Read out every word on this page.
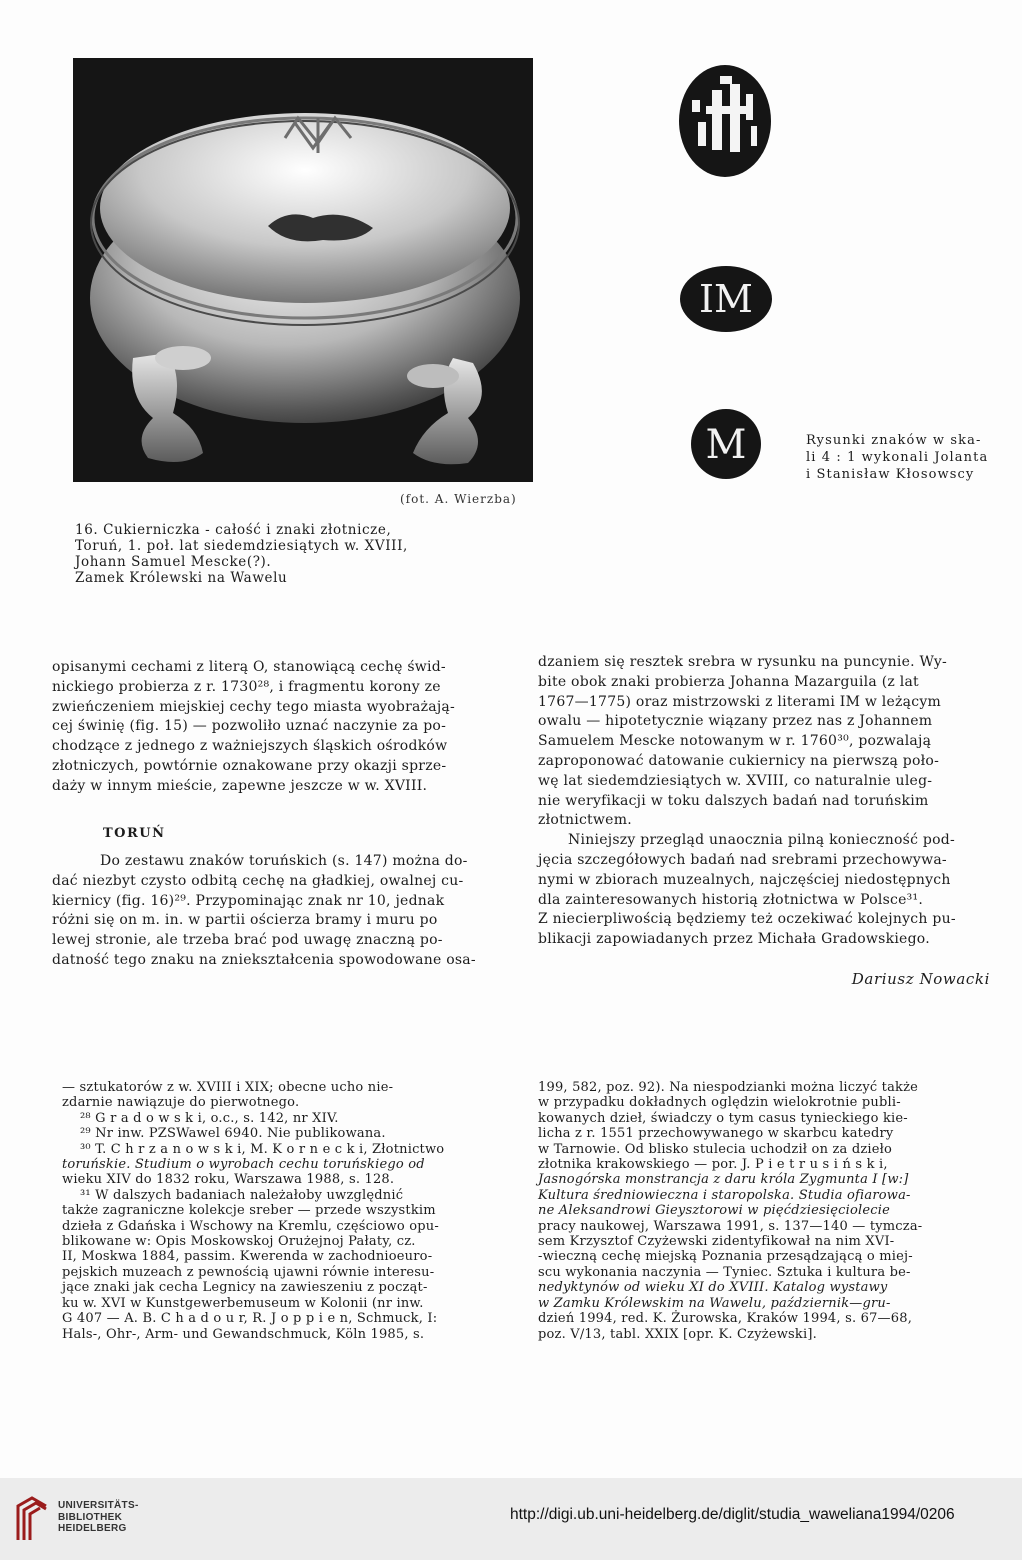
(fot. A. Wierzba)
16. Cukierniczka - całość i znaki złotnicze,
Toruń, 1. poł. lat siedemdziesiątych w. XVIII,
Johann Samuel Mescke(?).
Zamek Królewski na Wawelu
IM
M	Rysunki znaków w ska-
li 4 : 1 wykonali Jolanta
i Stanisław Kłosowscy
opisanymi cechami z literą O, stanowiącą cechę świd-
nickiego probierza z r. 1730²⁸, i fragmentu korony ze
zwieńczeniem miejskiej cechy tego miasta wyobrażają-
cej świnię (fig. 15) — pozwoliło uznać naczynie za po-
chodzące z jednego z ważniejszych śląskich ośrodków
złotniczych, powtórnie oznakowane przy okazji sprze-
daży w innym mieście, zapewne jeszcze w w. XVIII.
TORUŃ
Do zestawu znaków toruńskich (s. 147) można do-
dać niezbyt czysto odbitą cechę na gładkiej, owalnej cu-
kiernicy (fig. 16)²⁹. Przypominając znak nr 10, jednak
różni się on m. in. w partii ościerza bramy i muru po
lewej stronie, ale trzeba brać pod uwagę znaczną po-
datność tego znaku na zniekształcenia spowodowane osa-
dzaniem się resztek srebra w rysunku na puncynie. Wy-
bite obok znaki probierza Johanna Mazarguila (z lat
1767—1775) oraz mistrzowski z literami IM w leżącym
owalu — hipotetycznie wiązany przez nas z Johannem
Samuelem Mescke notowanym w r. 1760³⁰, pozwalają
zaproponować datowanie cukiernicy na pierwszą poło-
wę lat siedemdziesiątych w. XVIII, co naturalnie uleg-
nie weryfikacji w toku dalszych badań nad toruńskim
złotnictwem.
Niniejszy przegląd unaocznia pilną konieczność pod-
jęcia szczegółowych badań nad srebrami przechowywa-
nymi w zbiorach muzealnych, najczęściej niedostępnych
dla zainteresowanych historią złotnictwa w Polsce³¹.
Z niecierpliwością będziemy też oczekiwać kolejnych pu-
blikacji zapowiadanych przez Michała Gradowskiego.
Dariusz Nowacki
— sztukatorów z w. XVIII i XIX; obecne ucho nie-
zdarnie nawiązuje do pierwotnego.
²⁸ G r a d o w s k i, o.c., s. 142, nr XIV.
²⁹ Nr inw. PZSWawel 6940. Nie publikowana.
³⁰ T. C h r z a n o w s k i, M. K o r n e c k i, Złotnictwo
toruńskie. Studium o wyrobach cechu toruńskiego od
wieku XIV do 1832 roku, Warszawa 1988, s. 128.
³¹ W dalszych badaniach należałoby uwzględnić
także zagraniczne kolekcje sreber — przede wszystkim
dzieła z Gdańska i Wschowy na Kremlu, częściowo opu-
blikowane w: Opis Moskowskoj Orużejnoj Pałaty, cz.
II, Moskwa 1884, passim. Kwerenda w zachodnioeuro-
pejskich muzeach z pewnością ujawni równie interesu-
jące znaki jak cecha Legnicy na zawieszeniu z począt-
ku w. XVI w Kunstgewerbemuseum w Kolonii (nr inw.
G 407 — A. B. C h a d o u r, R. J o p p i e n, Schmuck, I:
Hals-, Ohr-, Arm- und Gewandschmuck, Köln 1985, s.
199, 582, poz. 92). Na niespodzianki można liczyć także
w przypadku dokładnych oględzin wielokrotnie publi-
kowanych dzieł, świadczy o tym casus tynieckiego kie-
licha z r. 1551 przechowywanego w skarbcu katedry
w Tarnowie. Od blisko stulecia uchodził on za dzieło
złotnika krakowskiego — por. J. P i e t r u s i ń s k i,
Jasnogórska monstrancja z daru króla Zygmunta I [w:]
Kultura średniowieczna i staropolska. Studia ofiarowa-
ne Aleksandrowi Gieysztorowi w pięćdziesięciolecie
pracy naukowej, Warszawa 1991, s. 137—140 — tymcza-
sem Krzysztof Czyżewski zidentyfikował na nim XVI-
-wieczną cechę miejską Poznania przesądzającą o miej-
scu wykonania naczynia — Tyniec. Sztuka i kultura be-
nedyktynów od wieku XI do XVIII. Katalog wystawy
w Zamku Królewskim na Wawelu, październik—gru-
dzień 1994, red. K. Żurowska, Kraków 1994, s. 67—68,
poz. V/13, tabl. XXIX [opr. K. Czyżewski].
UNIVERSITÄTS-
BIBLIOTHEK
HEIDELBERG
http://digi.ub.uni-heidelberg.de/diglit/studia_waweliana1994/0206
